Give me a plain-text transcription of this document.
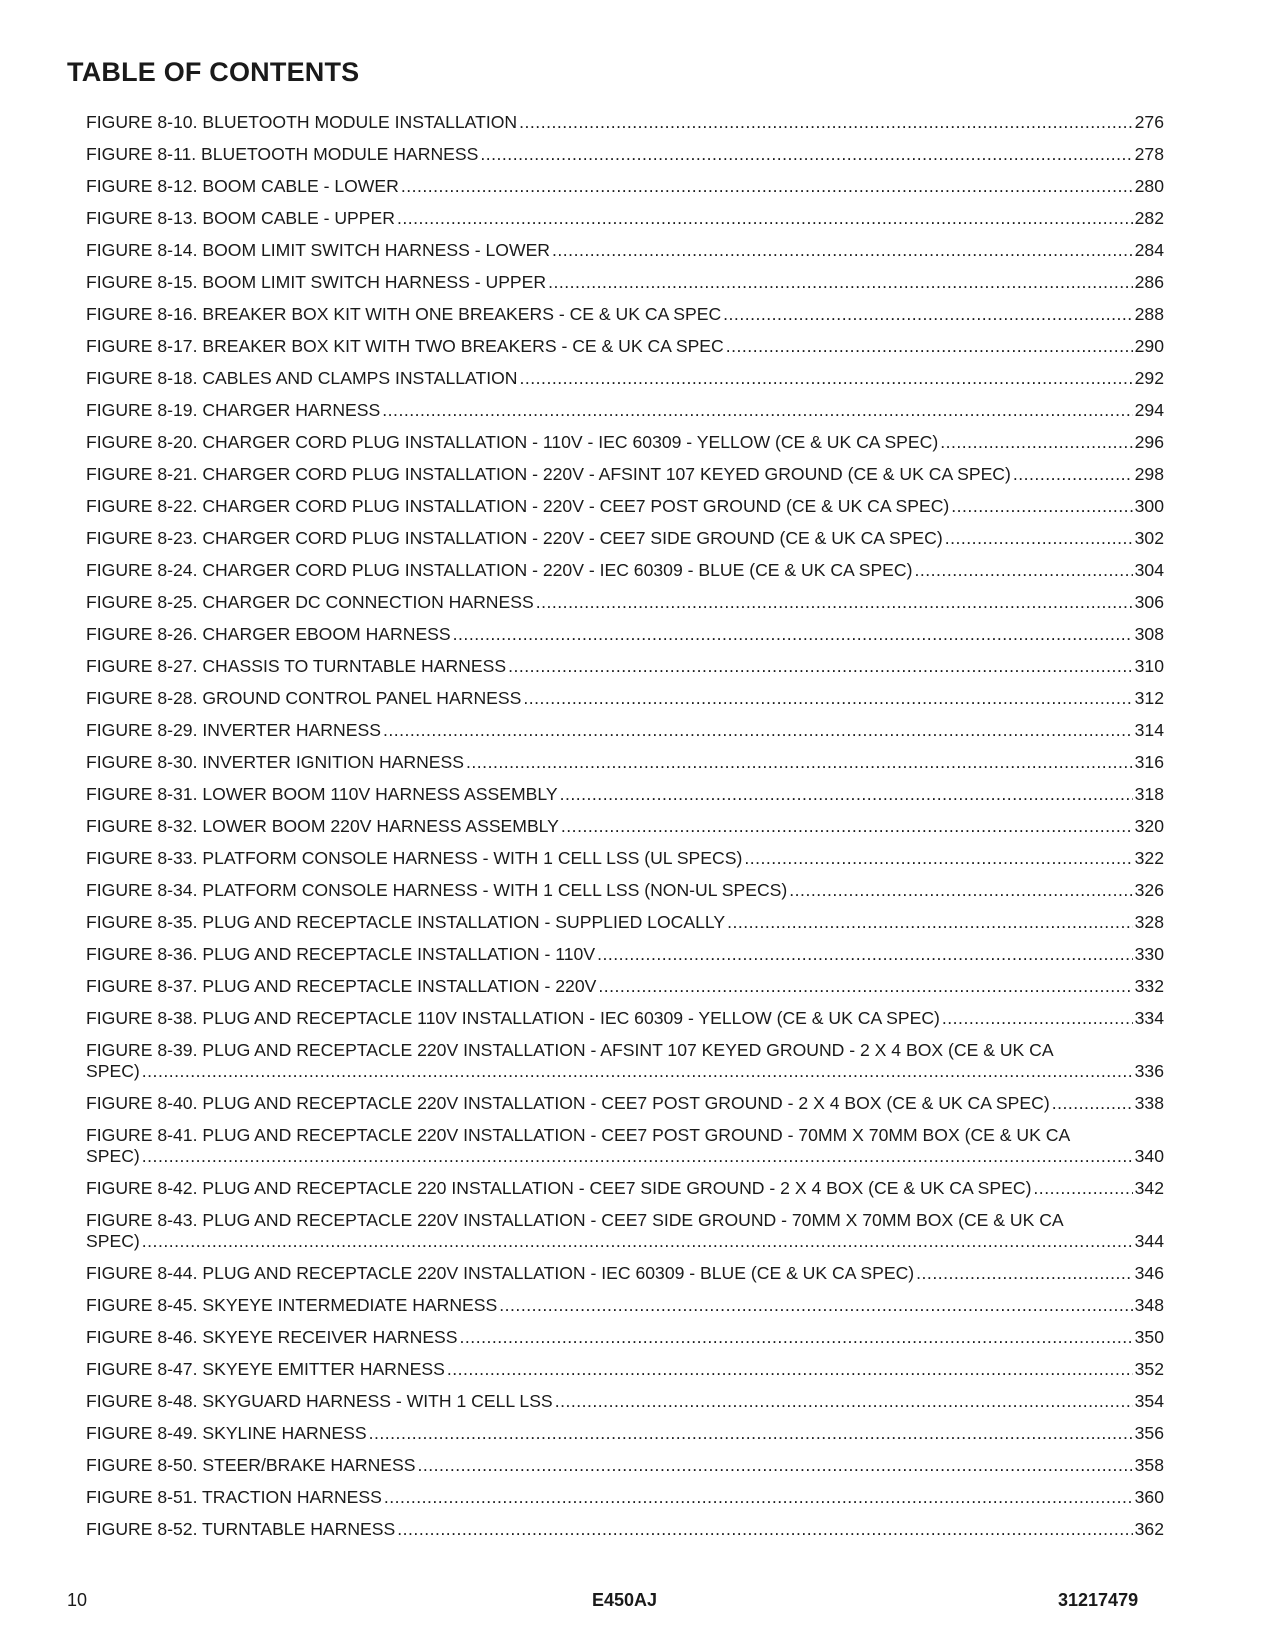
TABLE OF CONTENTS
FIGURE 8-10. BLUETOOTH MODULE INSTALLATION .....	276
FIGURE 8-11. BLUETOOTH MODULE HARNESS .....	278
FIGURE 8-12. BOOM CABLE - LOWER .....	280
FIGURE 8-13. BOOM CABLE - UPPER .....	282
FIGURE 8-14. BOOM LIMIT SWITCH HARNESS - LOWER .....	284
FIGURE 8-15. BOOM LIMIT SWITCH HARNESS - UPPER .....	286
FIGURE 8-16. BREAKER BOX KIT WITH ONE BREAKERS - CE & UK CA SPEC .....	288
FIGURE 8-17. BREAKER BOX KIT WITH TWO BREAKERS - CE & UK CA SPEC .....	290
FIGURE 8-18. CABLES AND CLAMPS INSTALLATION .....	292
FIGURE 8-19. CHARGER HARNESS .....	294
FIGURE 8-20. CHARGER CORD PLUG INSTALLATION - 110V - IEC 60309 - YELLOW (CE & UK CA SPEC) .....	296
FIGURE 8-21. CHARGER CORD PLUG INSTALLATION - 220V - AFSINT 107 KEYED GROUND (CE & UK CA SPEC) .....	298
FIGURE 8-22. CHARGER CORD PLUG INSTALLATION - 220V - CEE7 POST GROUND (CE & UK CA SPEC) .....	300
FIGURE 8-23. CHARGER CORD PLUG INSTALLATION - 220V - CEE7 SIDE GROUND (CE & UK CA SPEC) .....	302
FIGURE 8-24. CHARGER CORD PLUG INSTALLATION - 220V - IEC 60309 - BLUE (CE & UK CA SPEC) .....	304
FIGURE 8-25. CHARGER DC CONNECTION HARNESS .....	306
FIGURE 8-26. CHARGER EBOOM HARNESS .....	308
FIGURE 8-27. CHASSIS TO TURNTABLE HARNESS .....	310
FIGURE 8-28. GROUND CONTROL PANEL HARNESS .....	312
FIGURE 8-29. INVERTER HARNESS .....	314
FIGURE 8-30. INVERTER IGNITION HARNESS .....	316
FIGURE 8-31. LOWER BOOM 110V HARNESS ASSEMBLY .....	318
FIGURE 8-32. LOWER BOOM 220V HARNESS ASSEMBLY .....	320
FIGURE 8-33. PLATFORM CONSOLE HARNESS - WITH 1 CELL LSS (UL SPECS) .....	322
FIGURE 8-34. PLATFORM CONSOLE HARNESS - WITH 1 CELL LSS (NON-UL SPECS) .....	326
FIGURE 8-35. PLUG AND RECEPTACLE INSTALLATION - SUPPLIED LOCALLY .....	328
FIGURE 8-36. PLUG AND RECEPTACLE INSTALLATION - 110V .....	330
FIGURE 8-37. PLUG AND RECEPTACLE INSTALLATION - 220V .....	332
FIGURE 8-38. PLUG AND RECEPTACLE 110V INSTALLATION - IEC 60309 - YELLOW (CE & UK CA SPEC) .....	334
FIGURE 8-39. PLUG AND RECEPTACLE 220V INSTALLATION - AFSINT 107 KEYED GROUND - 2 X 4 BOX (CE & UK CA
SPEC) .....	336
FIGURE 8-40. PLUG AND RECEPTACLE 220V INSTALLATION - CEE7 POST GROUND - 2 X 4 BOX (CE & UK CA SPEC) .....	338
FIGURE 8-41. PLUG AND RECEPTACLE 220V INSTALLATION - CEE7 POST GROUND - 70MM X 70MM BOX (CE & UK CA
SPEC) .....	340
FIGURE 8-42. PLUG AND RECEPTACLE 220 INSTALLATION - CEE7 SIDE GROUND - 2 X 4 BOX (CE & UK CA SPEC) .....	342
FIGURE 8-43. PLUG AND RECEPTACLE 220V INSTALLATION - CEE7 SIDE GROUND - 70MM X 70MM BOX (CE & UK CA
SPEC) .....	344
FIGURE 8-44. PLUG AND RECEPTACLE 220V INSTALLATION - IEC 60309 - BLUE (CE & UK CA SPEC) .....	346
FIGURE 8-45. SKYEYE INTERMEDIATE HARNESS .....	348
FIGURE 8-46. SKYEYE RECEIVER HARNESS .....	350
FIGURE 8-47. SKYEYE EMITTER HARNESS .....	352
FIGURE 8-48. SKYGUARD HARNESS - WITH 1 CELL LSS .....	354
FIGURE 8-49. SKYLINE HARNESS .....	356
FIGURE 8-50. STEER/BRAKE HARNESS .....	358
FIGURE 8-51. TRACTION HARNESS .....	360
FIGURE 8-52. TURNTABLE HARNESS .....	362
10	E450AJ	31217479
